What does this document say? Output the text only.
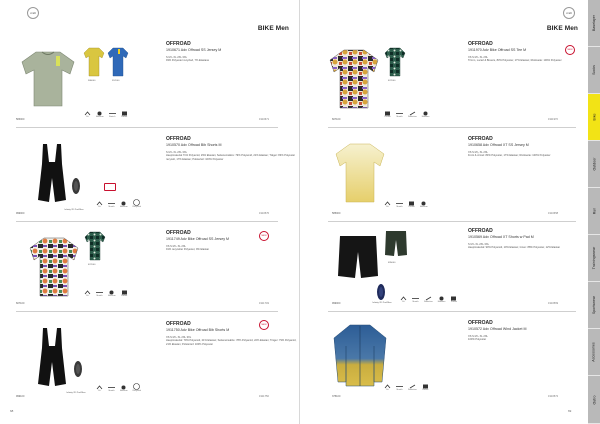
craft
BIKE Men
586000	357000
OFFROAD
1910671 Adv Offroad SS Jersey M
S M L XL 2XL 3XL
93% Polyester recycled, 7% Elastane
Fit	Moisture	Stretch	Pocket
583000	1910671
Infinity 2D Pad Men
OFFROAD
1910570 Adv Offroad Bib Shorts M
S M L XL 2XL 3XL
Hauptmaterial 71% Polyamid, 29% Elastan; Seiteneinsätze: 79% Polyamid, 21% Elastan; Träger: 83% Polyester recycelt, 17% Elastan; Polsterteil: 100% Polyester
Fit	Stretch	Moisture	Recycled
999000	1910570
627000
OFFROAD
1911749 Adv Bike Offroad SS Jersey M
XS S M L XL 2XL
91% recycelter Polyester, 9% Elastan
NEW
Fit	Stretch	Moisture	Pocket
607100	1911749
Infinity 2D Pad Men
OFFROAD
1911750 Adv Bike Offroad Bib Shorts M
XS S M L XL 2XL 3XL
Hauptmaterial: 79% Polyamid, 21% Elastan; Seiteneinsätze: 78% Polyamid, 22% Elastan; Träger: 79% Polyamid, 21% Elastan; Polsterteil: 100% Polyester
NEW
Fit	Stretch	Moisture	Recycled
999100	1911750
68
craft
BIKE Men
627000
OFFROAD
1911970 Adv Bike Offroad SS Tee M
XS S M L XL 2XL
Trimm, Lucarl & Breeze, 83% Polyester, 17% Elastan; Rückseite: 100% Polyester
NEW
Pocket	Stretch	Reflective	Moisture
607100	1911970
OFFROAD
1910658 Adv Offroad XT SS Jersey M
XS S M L XL 2XL
Front & Ärmel: 83% Polyester, 17% Elastan; Rückseite: 100% Polyester
Fit	Stretch	Pocket	Moisture
585000	1910658
695000
Infinity 2D Pad Men
OFFROAD
1910569 Adv Offroad XT Shorts w Pad M
S M L XL 2XL 3XL
Hauptmaterial: 90% Polyamid, 10% Elastan; Innen: 88% Polyester, 12% Elastan
Fit	Stretch	Reflective	Moisture	Pocket
999000	1910569
OFFROAD
1910572 Adv Offroad Wind Jacket M
XS S M L XL 2XL
100% Polyester
Fit	Stretch	Reflective	Pocket
375100	1910572
69
Baselayer
Socks
Bike
Outdoor
Run
Trainingswear
Sportswear
Accessories
Outro
